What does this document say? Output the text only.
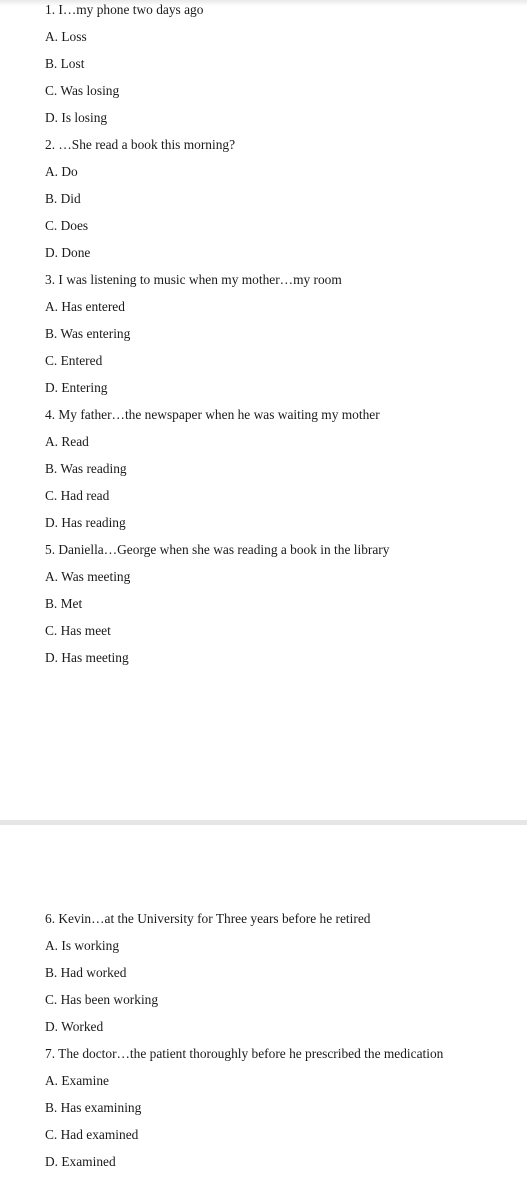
1. I…my phone two days ago
A. Loss
B. Lost
C. Was losing
D. Is losing
2. …She read a book this morning?
A. Do
B. Did
C. Does
D. Done
3. I was listening to music when my mother…my room
A. Has entered
B. Was entering
C. Entered
D. Entering
4. My father…the newspaper when he was waiting my mother
A. Read
B. Was reading
C. Had read
D. Has reading
5. Daniella…George when she was reading a book in the library
A. Was meeting
B. Met
C. Has meet
D. Has meeting
6. Kevin…at the University for Three years before he retired
A. Is working
B. Had worked
C. Has been working
D. Worked
7. The doctor…the patient thoroughly before he prescribed the medication
A. Examine
B. Has examining
C. Had examined
D. Examined
